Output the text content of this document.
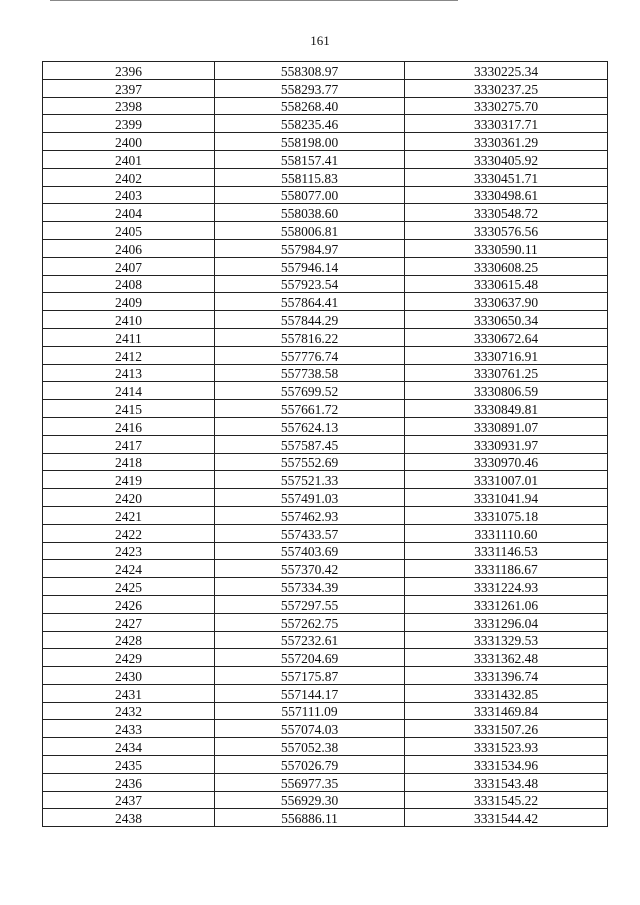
161
2396	558308.97	3330225.34
2397	558293.77	3330237.25
2398	558268.40	3330275.70
2399	558235.46	3330317.71
2400	558198.00	3330361.29
2401	558157.41	3330405.92
2402	558115.83	3330451.71
2403	558077.00	3330498.61
2404	558038.60	3330548.72
2405	558006.81	3330576.56
2406	557984.97	3330590.11
2407	557946.14	3330608.25
2408	557923.54	3330615.48
2409	557864.41	3330637.90
2410	557844.29	3330650.34
2411	557816.22	3330672.64
2412	557776.74	3330716.91
2413	557738.58	3330761.25
2414	557699.52	3330806.59
2415	557661.72	3330849.81
2416	557624.13	3330891.07
2417	557587.45	3330931.97
2418	557552.69	3330970.46
2419	557521.33	3331007.01
2420	557491.03	3331041.94
2421	557462.93	3331075.18
2422	557433.57	3331110.60
2423	557403.69	3331146.53
2424	557370.42	3331186.67
2425	557334.39	3331224.93
2426	557297.55	3331261.06
2427	557262.75	3331296.04
2428	557232.61	3331329.53
2429	557204.69	3331362.48
2430	557175.87	3331396.74
2431	557144.17	3331432.85
2432	557111.09	3331469.84
2433	557074.03	3331507.26
2434	557052.38	3331523.93
2435	557026.79	3331534.96
2436	556977.35	3331543.48
2437	556929.30	3331545.22
2438	556886.11	3331544.42
